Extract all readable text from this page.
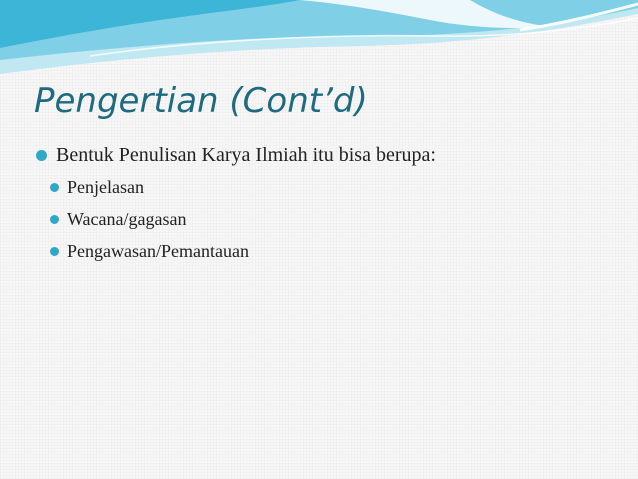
Pengertian (Cont’d)
Bentuk Penulisan Karya Ilmiah itu bisa berupa:
Penjelasan
Wacana/gagasan
Pengawasan/Pemantauan
